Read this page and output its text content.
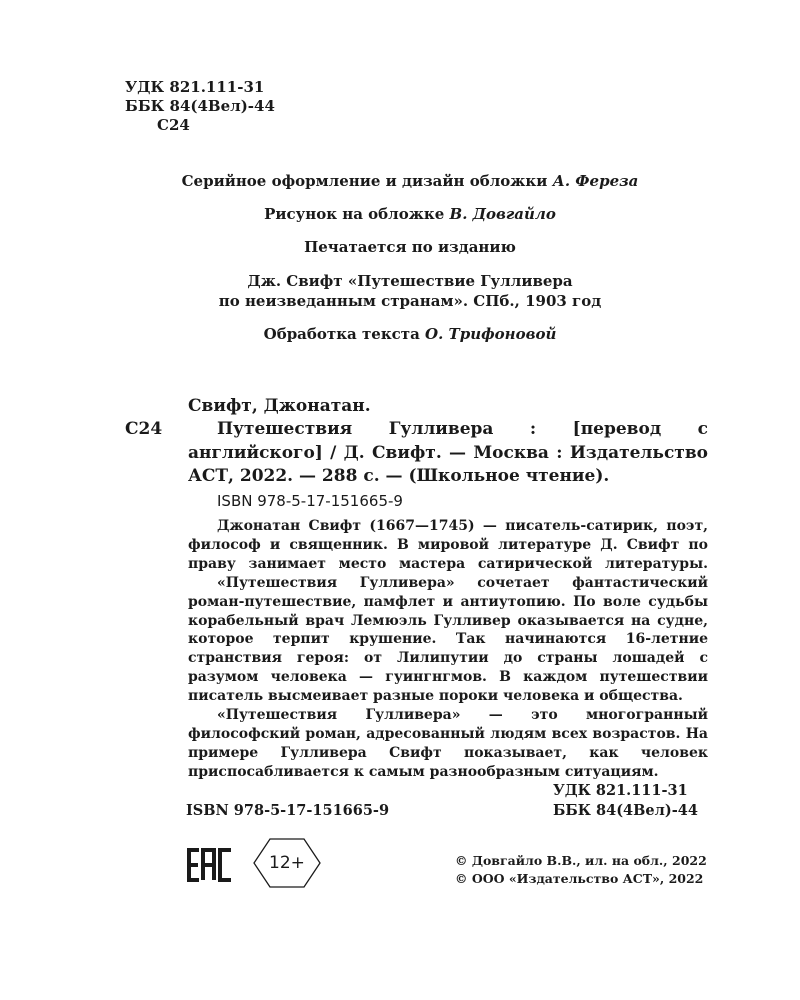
УДК 821.111-31
ББК 84(4Вел)-44
С24
Серийное оформление и дизайн обложки А. Фереза
Рисунок на обложке В. Довгайло
Печатается по изданию
Дж. Свифт «Путешествие Гулливера
по неизведанным странам». СПб., 1903 год
Обработка текста О. Трифоновой
Свифт, Джонатан.
С24	Путешествия Гулливера : [перевод с английского] / Д. Свифт. — Москва : Издательство АСТ, 2022. — 288 с. — (Школьное чтение).
ISBN 978-5-17-151665-9

Джонатан Свифт (1667—1745) — писатель-сатирик, поэт, философ и священник. В мировой литературе Д. Свифт по праву занимает место мастера сатирической литературы.

«Путешествия Гулливера» сочетает фантастический роман-путешествие, памфлет и антиутопию. По воле судьбы корабельный врач Лемюэль Гулливер оказывается на судне, которое терпит крушение. Так начинаются 16-летние странствия героя: от Лилипутии до страны лошадей с разумом человека — гуингнгмов. В каждом путешествии писатель высмеивает разные пороки человека и общества.

«Путешествия Гулливера» — это многогранный философский роман, адресованный людям всех возрастов. На примере Гулливера Свифт показывает, как человек приспосабливается к самым разнообразным ситуациям.

УДК 821.111-31
ISBN 978-5-17-151665-9	ББК 84(4Вел)-44
12+	© Довгайло В.В., ил. на обл., 2022
© ООО «Издательство АСТ», 2022
